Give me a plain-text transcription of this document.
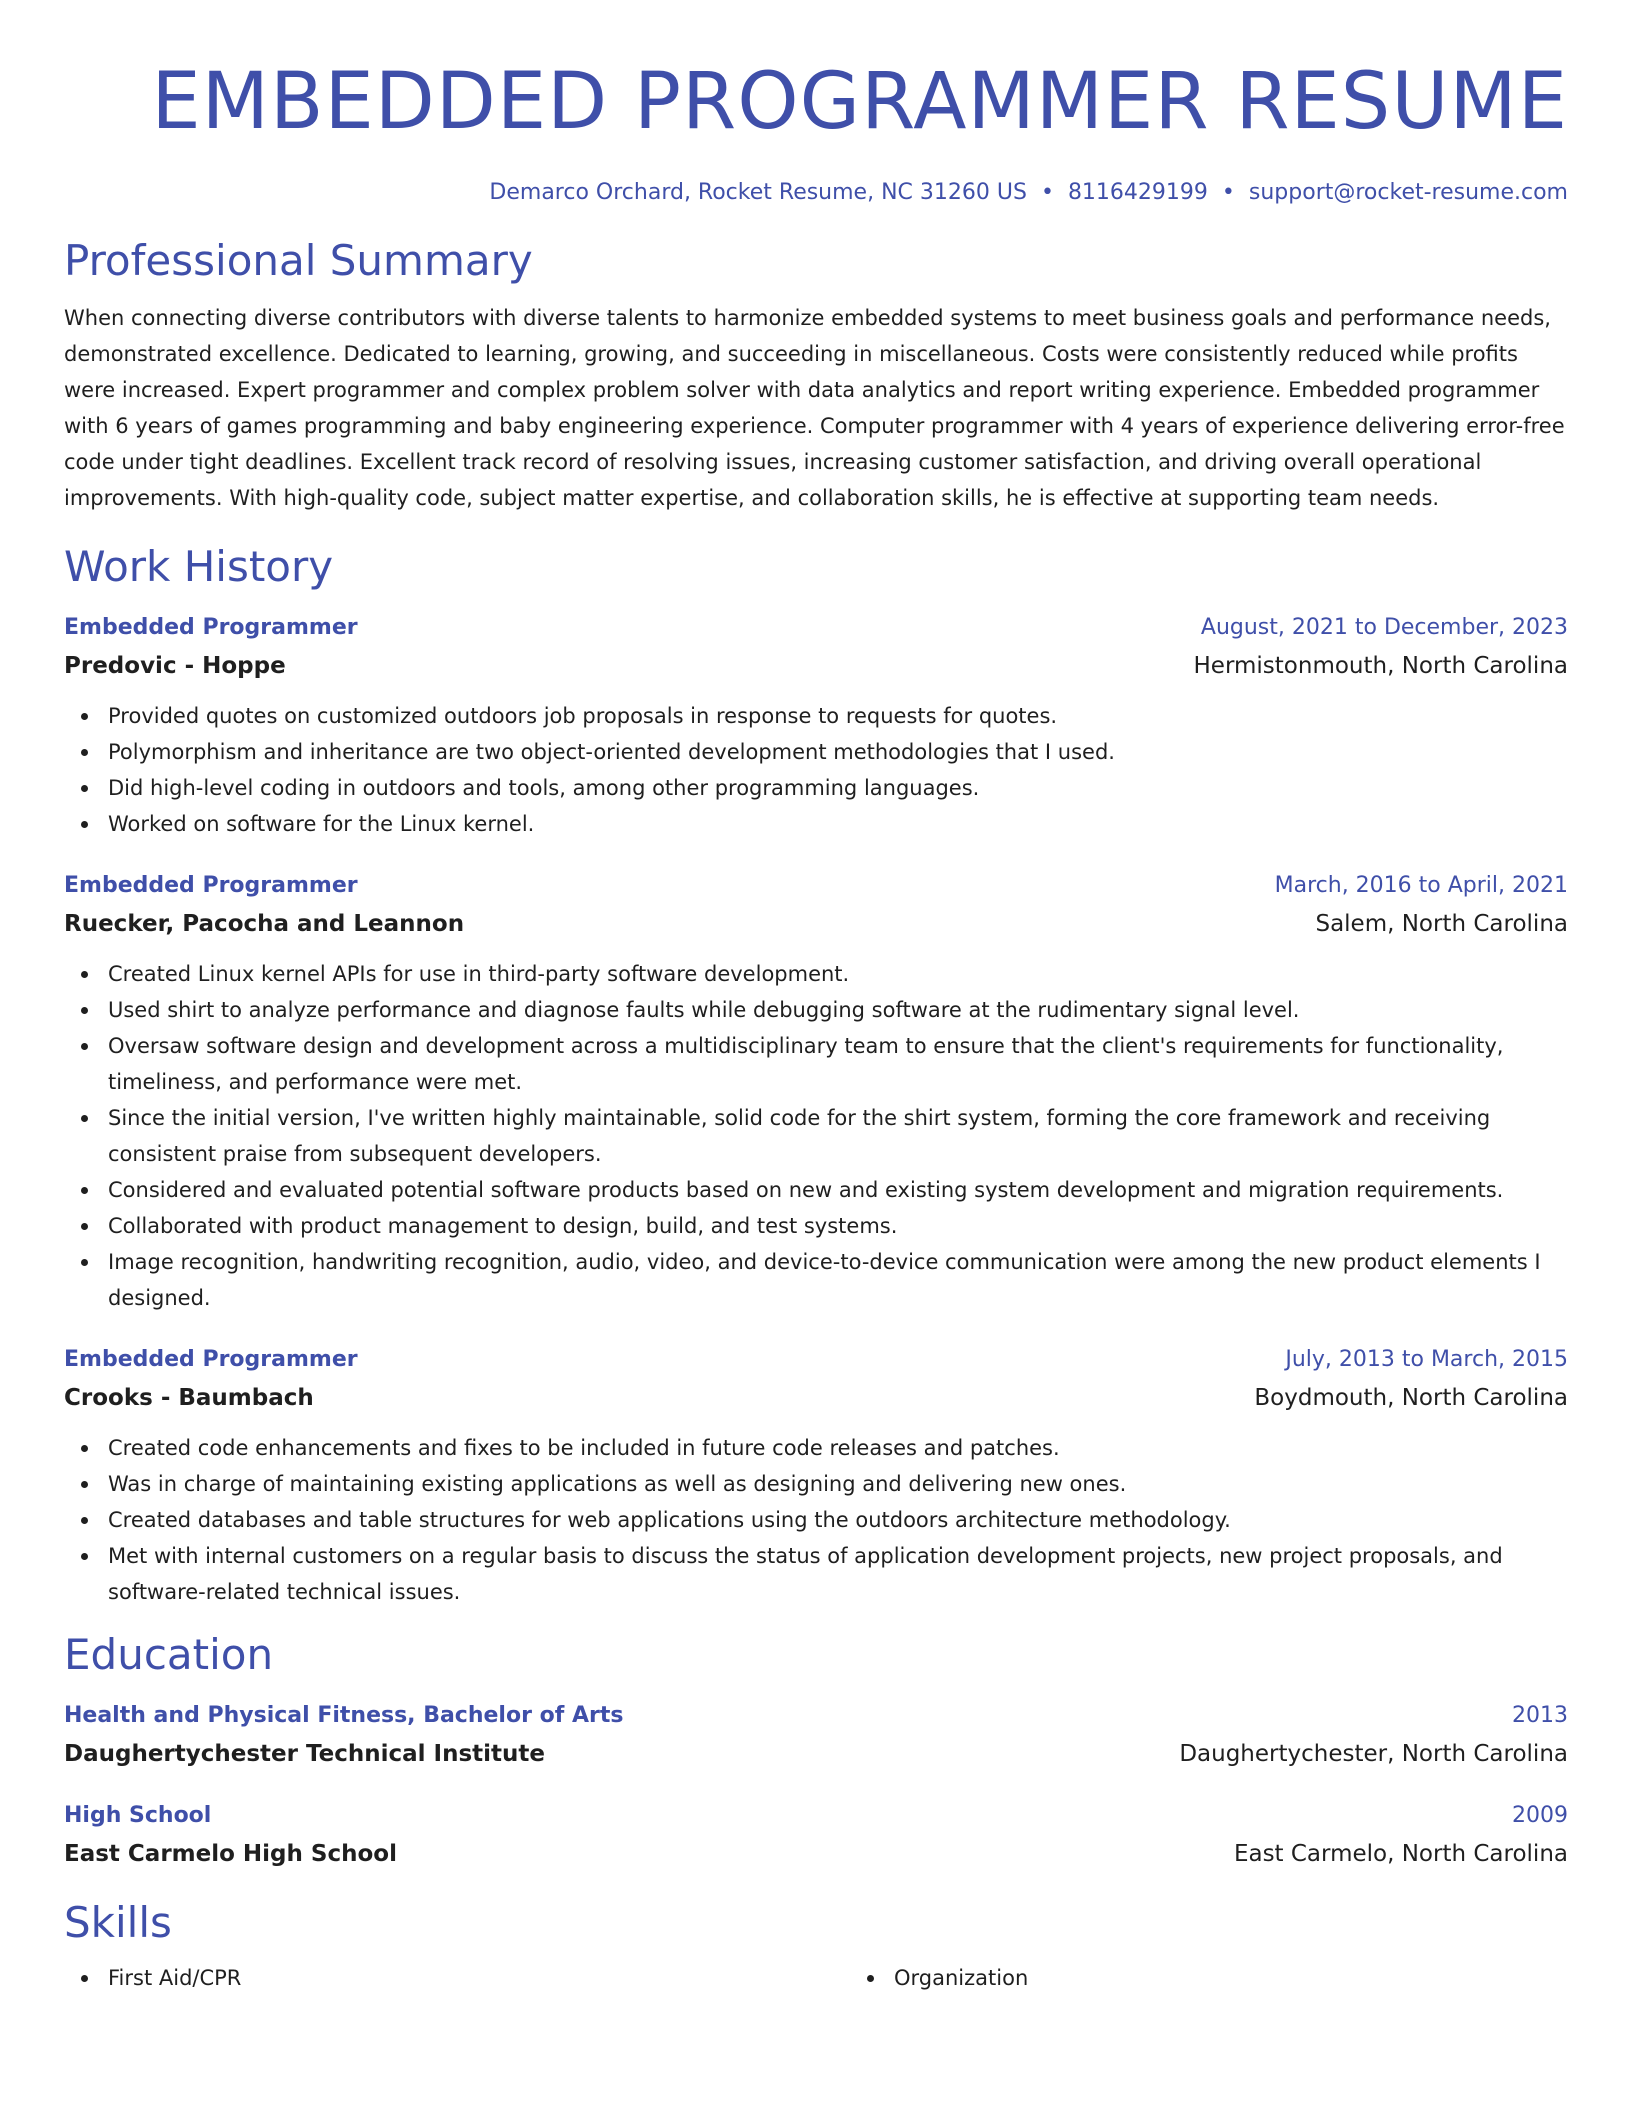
EMBEDDED PROGRAMMER RESUME
Demarco Orchard, Rocket Resume, NC 31260 US • 8116429199 • support@rocket-resume.com
Professional Summary
When connecting diverse contributors with diverse talents to harmonize embedded systems to meet business goals and performance needs, demonstrated excellence. Dedicated to learning, growing, and succeeding in miscellaneous. Costs were consistently reduced while profits were increased. Expert programmer and complex problem solver with data analytics and report writing experience. Embedded programmer with 6 years of games programming and baby engineering experience. Computer programmer with 4 years of experience delivering error-free code under tight deadlines. Excellent track record of resolving issues, increasing customer satisfaction, and driving overall operational improvements. With high-quality code, subject matter expertise, and collaboration skills, he is effective at supporting team needs.
Work History
Embedded Programmer	August, 2021 to December, 2023
Predovic - Hoppe	Hermistonmouth, North Carolina
Provided quotes on customized outdoors job proposals in response to requests for quotes.
Polymorphism and inheritance are two object-oriented development methodologies that I used.
Did high-level coding in outdoors and tools, among other programming languages.
Worked on software for the Linux kernel.
Embedded Programmer	March, 2016 to April, 2021
Ruecker, Pacocha and Leannon	Salem, North Carolina
Created Linux kernel APIs for use in third-party software development.
Used shirt to analyze performance and diagnose faults while debugging software at the rudimentary signal level.
Oversaw software design and development across a multidisciplinary team to ensure that the client's requirements for functionality, timeliness, and performance were met.
Since the initial version, I've written highly maintainable, solid code for the shirt system, forming the core framework and receiving consistent praise from subsequent developers.
Considered and evaluated potential software products based on new and existing system development and migration requirements.
Collaborated with product management to design, build, and test systems.
Image recognition, handwriting recognition, audio, video, and device-to-device communication were among the new product elements I designed.
Embedded Programmer	July, 2013 to March, 2015
Crooks - Baumbach	Boydmouth, North Carolina
Created code enhancements and fixes to be included in future code releases and patches.
Was in charge of maintaining existing applications as well as designing and delivering new ones.
Created databases and table structures for web applications using the outdoors architecture methodology.
Met with internal customers on a regular basis to discuss the status of application development projects, new project proposals, and software-related technical issues.
Education
Health and Physical Fitness, Bachelor of Arts	2013
Daughertychester Technical Institute	Daughertychester, North Carolina
High School	2009
East Carmelo High School	East Carmelo, North Carolina
Skills
First Aid/CPR	Organization
